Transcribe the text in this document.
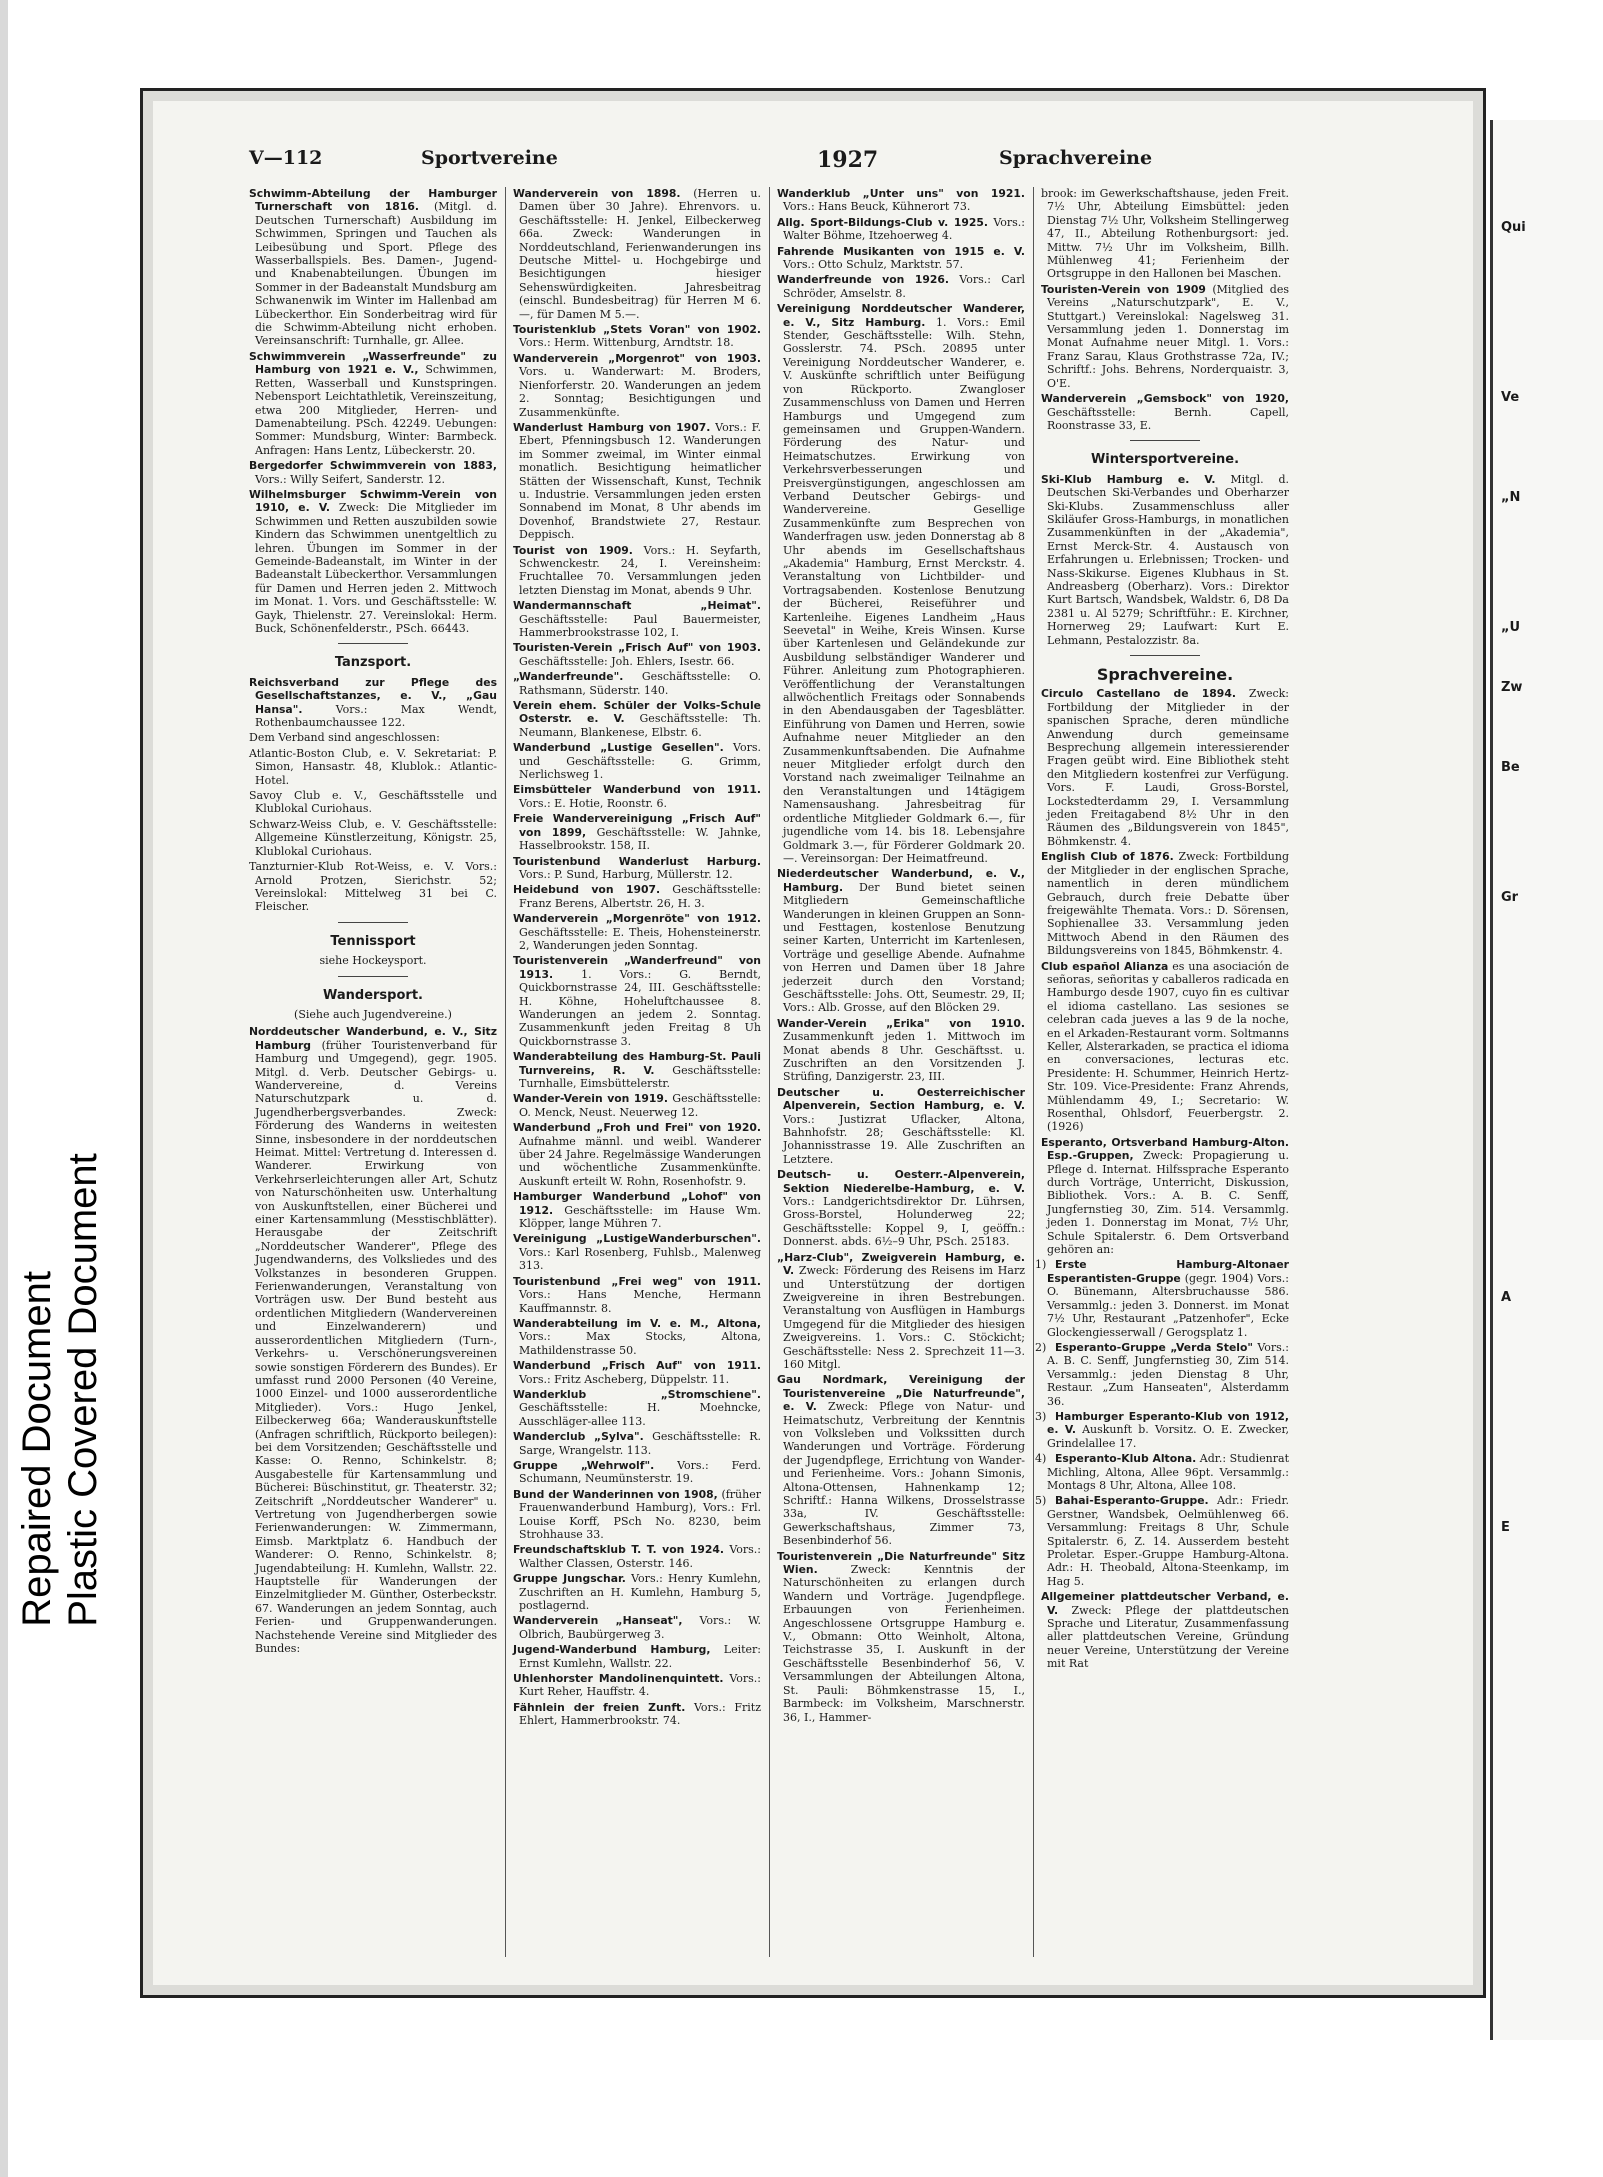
Repaired Document Plastic Covered Document
V—112	Sportvereine	1927	Sprachvereine
Schwimm-Abteilung der Hamburger Turnerschaft von 1816. (Mitgl. d. Deutschen Turnerschaft) Ausbildung im Schwimmen, Springen und Tauchen als Leibesübung und Sport. Pflege des Wasserballspiels. Bes. Damen-, Jugend- und Knabenabteilungen. Übungen im Sommer in der Badeanstalt Mundsburg am Schwanenwik im Winter im Hallenbad am Lübeckerthor. Ein Sonderbeitrag wird für die Schwimm-Abteilung nicht erhoben. Vereinsanschrift: Turnhalle, gr. Allee.
Schwimmverein „Wasserfreunde" zu Hamburg von 1921 e. V., Schwimmen, Retten, Wasserball und Kunstspringen. Nebensport Leichtathletik, Vereinszeitung, etwa 200 Mitglieder, Herren- und Damenabteilung. PSch. 42249. Uebungen: Sommer: Mundsburg, Winter: Barmbeck. Anfragen: Hans Lentz, Lübeckerstr. 20.
Bergedorfer Schwimmverein von 1883, Vors.: Willy Seifert, Sanderstr. 12.
Wilhelmsburger Schwimm-Verein von 1910, e. V. Zweck: Die Mitglieder im Schwimmen und Retten auszubilden sowie Kindern das Schwimmen unentgeltlich zu lehren. Übungen im Sommer in der Gemeinde-Badeanstalt, im Winter in der Badeanstalt Lübeckerthor. Versammlungen für Damen und Herren jeden 2. Mittwoch im Monat. 1. Vors. und Geschäftsstelle: W. Gayk, Thielenstr. 27. Vereinslokal: Herm. Buck, Schönenfelderstr., PSch. 66443.
Tanzsport.
Reichsverband zur Pflege des Gesellschaftstanzes, e. V., „Gau Hansa".	Vors.: Max Wendt, Rothenbaumchaussee 122.
Dem Verband sind angeschlossen:
Atlantic-Boston Club, e. V. Sekretariat: P. Simon, Hansastr. 48, Klublok.: Atlantic-Hotel.
Savoy Club e. V., Geschäftsstelle und Klublokal Curiohaus.
Schwarz-Weiss Club, e. V. Geschäftsstelle: Allgemeine Künstlerzeitung, Königstr. 25, Klublokal Curiohaus.
Tanzturnier-Klub Rot-Weiss, e. V. Vors.: Arnold Protzen, Sierichstr. 52; Vereinslokal: Mittelweg 31 bei C. Fleischer.
Tennissport
siehe Hockeysport.
Wandersport.
(Siehe auch Jugendvereine.)
Norddeutscher Wanderbund, e. V., Sitz Hamburg (früher Touristenverband für Hamburg und Umgegend), gegr. 1905. Mitgl. d. Verb. Deutscher Gebirgs- u. Wandervereine, d. Vereins Naturschutzpark u. d. Jugendherbergsverbandes. Zweck: Förderung des Wanderns in weitesten Sinne, insbesondere in der norddeutschen Heimat. Mittel: Vertretung d. Interessen d. Wanderer. Erwirkung von Verkehrserleichterungen aller Art, Schutz von Naturschönheiten usw. Unterhaltung von Auskunftstellen, einer Bücherei und einer Kartensammlung (Messtischblätter). Herausgabe der Zeitschrift „Norddeutscher Wanderer", Pflege des Jugendwanderns, des Volksliedes und des Volkstanzes in besonderen Gruppen. Ferienwanderungen, Veranstaltung von Vorträgen usw. Der Bund besteht aus ordentlichen Mitgliedern (Wandervereinen und Einzelwanderern) und ausserordentlichen Mitgliedern (Turn-, Verkehrs- u. Verschönerungsvereinen sowie sonstigen Förderern des Bundes). Er umfasst rund 2000 Personen (40 Vereine, 1000 Einzel- und 1000 ausserordentliche Mitglieder). Vors.: Hugo Jenkel, Eilbeckerweg 66a; Wanderauskunftstelle (Anfragen schriftlich, Rückporto beilegen): bei dem Vorsitzenden; Geschäftsstelle und Kasse: O. Renno, Schinkelstr. 8; Ausgabestelle für Kartensammlung und Bücherei: Büschinstitut, gr. Theaterstr. 32; Zeitschrift „Norddeutscher Wanderer" u. Vertretung von Jugendherbergen sowie Ferienwanderungen: W. Zimmermann, Eimsb. Marktplatz 6. Handbuch der Wanderer: O. Renno, Schinkelstr. 8; Jugendabteilung: H. Kumlehn, Wallstr. 22. Hauptstelle für Wanderungen der Einzelmitglieder M. Günther, Osterbeckstr. 67. Wanderungen an jedem Sonntag, auch Ferien- und Gruppenwanderungen. Nachstehende Vereine sind Mitglieder des Bundes:
Wanderverein von 1898. (Herren u. Damen über 30 Jahre). Ehrenvors. u. Geschäftsstelle: H. Jenkel, Eilbeckerweg 66a. Zweck: Wanderungen in Norddeutschland, Ferienwanderungen ins Deutsche Mittel- u. Hochgebirge und Besichtigungen hiesiger Sehenswürdigkeiten. Jahresbeitrag (einschl. Bundesbeitrag) für Herren M 6.—, für Damen M 5.—.
Touristenklub „Stets Voran" von 1902. Vors.: Herm. Wittenburg, Arndtstr. 18.
Wanderverein „Morgenrot" von 1903. Vors. u. Wanderwart: M. Broders, Nienforferstr. 20. Wanderungen an jedem 2. Sonntag; Besichtigungen und Zusammenkünfte.
Wanderlust Hamburg von 1907. Vors.: F. Ebert, Pfenningsbusch 12. Wanderungen im Sommer zweimal, im Winter einmal monatlich. Besichtigung heimatlicher Stätten der Wissenschaft, Kunst, Technik u. Industrie. Versammlungen jeden ersten Sonnabend im Monat, 8 Uhr abends im Dovenhof, Brandstwiete 27, Restaur. Deppisch.
Tourist von 1909. Vors.: H. Seyfarth, Schwenckestr. 24, I. Vereinsheim: Fruchtallee 70. Versammlungen jeden letzten Dienstag im Monat, abends 9 Uhr.
Wandermannschaft „Heimat". Geschäftsstelle: Paul Bauermeister, Hammerbrookstrasse 102, I.
Touristen-Verein „Frisch Auf" von 1903. Geschäftsstelle: Joh. Ehlers, Isestr. 66.
„Wanderfreunde". Geschäftsstelle: O. Rathsmann, Süderstr. 140.
Verein ehem. Schüler der Volks-Schule Osterstr. e. V. Geschäftsstelle: Th. Neumann, Blankenese, Elbstr. 6.
Wanderbund „Lustige Gesellen". Vors. und Geschäftsstelle: G. Grimm, Nerlichsweg 1.
Eimsbütteler Wanderbund von 1911. Vors.: E. Hotie, Roonstr. 6.
Freie Wandervereinigung „Frisch Auf" von 1899, Geschäftsstelle: W. Jahnke, Hasselbrookstr. 158, II.
Touristenbund Wanderlust Harburg. Vors.: P. Sund, Harburg, Müllerstr. 12.
Heidebund von 1907. Geschäftsstelle: Franz Berens, Albertstr. 26, H. 3.
Wanderverein „Morgenröte" von 1912. Geschäftsstelle: E. Theis, Hohensteinerstr. 2, Wanderungen jeden Sonntag.
Touristenverein „Wanderfreund" von 1913.	1. Vors.: G. Berndt, Quickbornstrasse 24, III. Geschäftsstelle: H. Köhne, Hoheluftchaussee 8. Wanderungen an jedem 2. Sonntag. Zusammenkunft jeden Freitag 8 Uh Quickbornstrasse 3.
Wanderabteilung des Hamburg-St. Pauli Turnvereins, R. V. Geschäftsstelle: Turnhalle, Eimsbüttelerstr.
Wander-Verein von 1919. Geschäftsstelle: O. Menck, Neust. Neuerweg 12.
Wanderbund „Froh und Frei" von 1920. Aufnahme männl. und weibl. Wanderer über 24 Jahre. Regelmässige Wanderungen und wöchentliche Zusammenkünfte. Auskunft erteilt W. Rohn, Rosenhofstr. 9.
Hamburger Wanderbund „Lohof" von 1912. Geschäftsstelle: im Hause Wm. Klöpper, lange Mühren 7.
Vereinigung „LustigeWanderburschen". Vors.: Karl Rosenberg, Fuhlsb., Malenweg 313.
Touristenbund „Frei weg" von 1911. Vors.: Hans Menche, Hermann Kauffmannstr. 8.
Wanderabteilung im V. e. M., Altona, Vors.: Max Stocks, Altona, Mathildenstrasse 50.
Wanderbund „Frisch Auf" von 1911. Vors.: Fritz Ascheberg, Düppelstr. 11.
Wanderklub „Stromschiene". Geschäftsstelle: H. Moehncke, Ausschläger-allee 113.
Wanderclub „Sylva". Geschäftsstelle: R. Sarge, Wrangelstr. 113.
Gruppe „Wehrwolf". Vors.: Ferd. Schumann, Neumünsterstr. 19.
Bund der Wanderinnen von 1908, (früher Frauenwanderbund Hamburg), Vors.: Frl. Louise Korff, PSch No. 8230, beim Strohhause 33.
Freundschaftsklub T. T. von 1924. Vors.: Walther Classen, Osterstr. 146.
Gruppe Jungschar. Vors.: Henry Kumlehn, Zuschriften an H. Kumlehn, Hamburg 5, postlagernd.
Wanderverein „Hanseat", Vors.: W. Olbrich, Baubürgerweg 3.
Jugend-Wanderbund Hamburg, Leiter: Ernst Kumlehn, Wallstr. 22.
Uhlenhorster Mandolinenquintett. Vors.: Kurt Reher, Hauffstr. 4.
Fähnlein der freien Zunft. Vors.: Fritz Ehlert, Hammerbrookstr. 74.
Wanderklub „Unter uns" von 1921. Vors.: Hans Beuck, Kühnerort 73.
Allg. Sport-Bildungs-Club v. 1925. Vors.: Walter Böhme, Itzehoerweg 4.
Fahrende Musikanten von 1915 e. V. Vors.: Otto Schulz, Marktstr. 57.
Wanderfreunde von 1926. Vors.: Carl Schröder, Amselstr. 8.
Vereinigung Norddeutscher Wanderer, e. V., Sitz Hamburg. 1. Vors.: Emil Stender, Geschäftsstelle: Wilh. Stehn, Gosslerstr. 74. PSch. 20895 unter Vereinigung Norddeutscher Wanderer, e. V. Auskünfte schriftlich unter Beifügung von Rückporto. Zwangloser Zusammenschluss von Damen und Herren Hamburgs und Umgegend zum gemeinsamen und Gruppen-Wandern. Förderung des Natur- und Heimatschutzes. Erwirkung von Verkehrsverbesserungen und Preisvergünstigungen, angeschlossen am Verband Deutscher Gebirgs- und Wandervereine. Gesellige Zusammenkünfte zum Besprechen von Wanderfragen usw. jeden Donnerstag ab 8 Uhr abends im Gesellschaftshaus „Akademia" Hamburg, Ernst Merckstr. 4. Veranstaltung von Lichtbilder- und Vortragsabenden. Kostenlose Benutzung der Bücherei, Reiseführer und Kartenleihe. Eigenes Landheim „Haus Seevetal" in Weihe, Kreis Winsen. Kurse über Kartenlesen und Geländekunde zur Ausbildung selbständiger Wanderer und Führer. Anleitung zum Photographieren. Veröffentlichung der Veranstaltungen allwöchentlich Freitags oder Sonnabends in den Abendausgaben der Tagesblätter. Einführung von Damen und Herren, sowie Aufnahme neuer Mitglieder an den Zusammenkunftsabenden. Die Aufnahme neuer Mitglieder erfolgt durch den Vorstand nach zweimaliger Teilnahme an den Veranstaltungen und 14tägigem Namensaushang. Jahresbeitrag für ordentliche Mitglieder Goldmark 6.—, für jugendliche vom 14. bis 18. Lebensjahre Goldmark 3.—, für Förderer Goldmark 20.—. Vereinsorgan: Der Heimatfreund.
Niederdeutscher Wanderbund, e. V., Hamburg. Der Bund bietet seinen Mitgliedern Gemeinschaftliche Wanderungen in kleinen Gruppen an Sonn- und Festtagen, kostenlose Benutzung seiner Karten, Unterricht im Kartenlesen, Vorträge und gesellige Abende. Aufnahme von Herren und Damen über 18 Jahre jederzeit durch den Vorstand; Geschäftsstelle: Johs. Ott, Seumestr. 29, II; Vors.: Alb. Grosse, auf den Blöcken 29.
Wander-Verein „Erika" von 1910. Zusammenkunft jeden 1. Mittwoch im Monat abends 8 Uhr. Geschäftsst. u. Zuschriften an den Vorsitzenden J. Strüfing, Danzigerstr. 23, III.
Deutscher u. Oesterreichischer Alpenverein, Section Hamburg, e. V. Vors.: Justizrat Uflacker, Altona, Bahnhofstr. 28; Geschäftsstelle: Kl. Johannisstrasse 19. Alle Zuschriften an Letztere.
Deutsch- u. Oesterr.-Alpenverein, Sektion Niederelbe-Hamburg, e. V. Vors.: Landgerichtsdirektor Dr. Lührsen, Gross-Borstel, Holunderweg 22; Geschäftsstelle: Koppel 9, I, geöffn.: Donnerst. abds. 6½–9 Uhr, PSch. 25183.
„Harz-Club", Zweigverein Hamburg, e. V. Zweck: Förderung des Reisens im Harz und Unterstützung der dortigen Zweigvereine in ihren Bestrebungen. Veranstaltung von Ausflügen in Hamburgs Umgegend für die Mitglieder des hiesigen Zweigvereins. 1. Vors.: C. Stöckicht; Geschäftsstelle: Ness 2. Sprechzeit 11—3. 160 Mitgl.
Gau Nordmark, Vereinigung der Touristenvereine „Die Naturfreunde", e. V. Zweck: Pflege von Natur- und Heimatschutz, Verbreitung der Kenntnis von Volksleben und Volkssitten durch Wanderungen und Vorträge. Förderung der Jugendpflege, Errichtung von Wander- und Ferienheime. Vors.: Johann Simonis, Altona-Ottensen, Hahnenkamp 12; Schriftf.: Hanna Wilkens, Drosselstrasse 33a, IV. Geschäftsstelle: Gewerkschaftshaus, Zimmer 73, Besenbinderhof 56.
Touristenverein „Die Naturfreunde" Sitz Wien.	Zweck: Kenntnis der Naturschönheiten zu erlangen durch Wandern und Vorträge. Jugendpflege. Erbauungen von Ferienheimen. Angeschlossene Ortsgruppe Hamburg e. V., Obmann: Otto Weinholt, Altona, Teichstrasse 35, I. Auskunft in der Geschäftsstelle Besenbinderhof 56, V. Versammlungen der Abteilungen Altona, St. Pauli: Böhmkenstrasse 15, I., Barmbeck: im Volksheim, Marschnerstr. 36, I., Hammer-
brook: im Gewerkschaftshause, jeden Freit. 7½ Uhr, Abteilung Eimsbüttel: jeden Dienstag 7½ Uhr, Volksheim Stellingerweg 47, II., Abteilung Rothenburgsort: jed. Mittw. 7½ Uhr im Volksheim, Billh. Mühlenweg 41; Ferienheim der Ortsgruppe in den Hallonen bei Maschen.
Touristen-Verein von 1909 (Mitglied des Vereins „Naturschutzpark", E. V., Stuttgart.) Vereinslokal: Nagelsweg 31. Versammlung jeden 1. Donnerstag im Monat Aufnahme neuer Mitgl. 1. Vors.: Franz Sarau, Klaus Grothstrasse 72a, IV.; Schriftf.: Johs. Behrens, Norderquaistr. 3, O'E.
Wanderverein „Gemsbock" von 1920, Geschäftsstelle: Bernh. Capell, Roonstrasse 33, E.
Wintersportvereine.
Ski-Klub Hamburg e. V. Mitgl. d. Deutschen Ski-Verbandes und Oberharzer Ski-Klubs. Zusammenschluss aller Skiläufer Gross-Hamburgs, in monatlichen Zusammenkünften in der „Akademia", Ernst Merck-Str. 4. Austausch von Erfahrungen u. Erlebnissen; Trocken- und Nass-Skikurse. Eigenes Klubhaus in St. Andreasberg (Oberharz). Vors.: Direktor Kurt Bartsch, Wandsbek, Waldstr. 6, D8 Da 2381 u. Al 5279; Schriftführ.: E. Kirchner, Hornerweg 29; Laufwart: Kurt E. Lehmann, Pestalozzistr. 8a.
Sprachvereine.
Circulo Castellano de 1894. Zweck: Fortbildung der Mitglieder in der spanischen Sprache, deren mündliche Anwendung durch gemeinsame Besprechung allgemein interessierender Fragen geübt wird. Eine Bibliothek steht den Mitgliedern kostenfrei zur Verfügung. Vors. F. Laudi, Gross-Borstel, Lockstedterdamm 29, I. Versammlung jeden Freitagabend 8½ Uhr in den Räumen des „Bildungsverein von 1845", Böhmkenstr. 4.
English Club of 1876. Zweck: Fortbildung der Mitglieder in der englischen Sprache, namentlich in deren mündlichem Gebrauch, durch freie Debatte über freigewählte Themata. Vors.: D. Sörensen, Sophienallee 33. Versammlung jeden Mittwoch Abend in den Räumen des Bildungsvereins von 1845, Böhmkenstr. 4.
Club español Alianza es una asociación de señoras, señoritas y caballeros radicada en Hamburgo desde 1907, cuyo fin es cultivar el idioma castellano. Las sesiones se celebran cada jueves a las 9 de la noche, en el Arkaden-Restaurant vorm. Soltmanns Keller, Alsterarkaden, se practica el idioma en conversaciones, lecturas etc. Presidente: H. Schummer, Heinrich Hertz-Str. 109. Vice-Presidente: Franz Ahrends, Mühlendamm 49, I.; Secretario: W. Rosenthal, Ohlsdorf, Feuerbergstr. 2. (1926)
Esperanto, Ortsverband Hamburg-Alton. Esp.-Gruppen, Zweck: Propagierung u. Pflege d. Internat. Hilfssprache Esperanto durch Vorträge, Unterricht, Diskussion, Bibliothek. Vors.: A. B. C. Senff, Jungfernstieg 30, Zim. 514. Versammlg. jeden 1. Donnerstag im Monat, 7½ Uhr, Schule Spitalerstr. 6. Dem Ortsverband gehören an:
1) Erste Hamburg-Altonaer Esperantisten-Gruppe (gegr. 1904) Vors.: O. Bünemann, Altersbruchausse 586. Versammlg.: jeden 3. Donnerst. im Monat 7½ Uhr, Restaurant „Patzenhofer", Ecke Glockengiesserwall / Gerogsplatz 1.
2) Esperanto-Gruppe „Verda Stelo" Vors.: A. B. C. Senff, Jungfernstieg 30, Zim 514. Versammlg.: jeden Dienstag 8 Uhr, Restaur. „Zum Hanseaten", Alsterdamm 36.
3) Hamburger Esperanto-Klub von 1912, e. V. Auskunft b. Vorsitz. O. E. Zwecker, Grindelallee 17.
4) Esperanto-Klub Altona. Adr.: Studienrat Michling, Altona, Allee 96pt. Versammlg.: Montags 8 Uhr, Altona, Allee 108.
5) Bahai-Esperanto-Gruppe. Adr.: Friedr. Gerstner, Wandsbek, Oelmühlenweg 66. Versammlung: Freitags 8 Uhr, Schule Spitalerstr. 6, Z. 14. Ausserdem besteht Proletar. Esper.-Gruppe Hamburg-Altona. Adr.: H. Theobald, Altona-Steenkamp, im Hag 5.
Allgemeiner plattdeutscher Verband, e. V. Zweck: Pflege der plattdeutschen Sprache und Literatur, Zusammenfassung aller plattdeutschen Vereine, Gründung neuer Vereine, Unterstützung der Vereine mit Rat
Qui
Ve
„N
„U
Zw
Be
Gr
A
E
